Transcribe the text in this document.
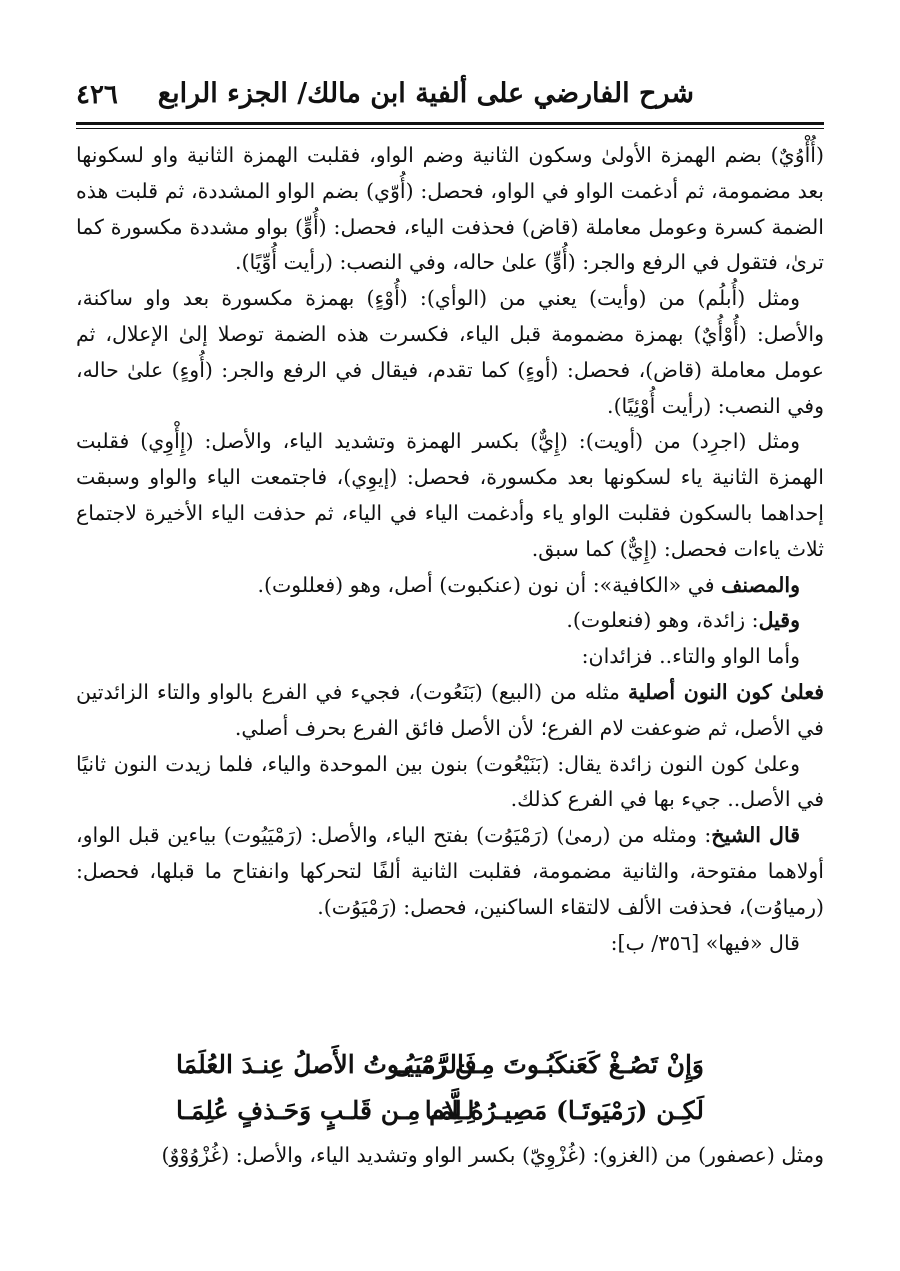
٤٢٦ شرح الفارضي على ألفية ابن مالك/ الجزء الرابع

(أُأْوُيٌ) بضم الهمزة الأولىٰ وسكون الثانية وضم الواو، فقلبت الهمزة الثانية واو لسكونها بعد مضمومة، ثم أدغمت الواو في الواو، فحصل: (أُوّي) بضم الواو المشددة، ثم قلبت هذه الضمة كسرة وعومل معاملة (قاض) فحذفت الياء، فحصل: (أُوٍّ) بواو مشددة مكسورة كما ترىٰ، فتقول في الرفع والجر: (أُوٍّ) علىٰ حاله، وفي النصب: (رأيت أُوِّيًا).

ومثل (أُبلُم) من (وأيت) يعني من (الوأي): (أُوْءٍ) بهمزة مكسورة بعد واو ساكنة، والأصل: (أُوْأُيٌ) بهمزة مضمومة قبل الياء، فكسرت هذه الضمة توصلا إلىٰ الإعلال، ثم عومل معاملة (قاض)، فحصل: (أوءٍ) كما تقدم، فيقال في الرفع والجر: (أُوءٍ) علىٰ حاله، وفي النصب: (رأيت أُوْئِيًا).

ومثل (اجرِد) من (أويت): (إِيٌّ) بكسر الهمزة وتشديد الياء، والأصل: (إِأْوِي) فقلبت الهمزة الثانية ياء لسكونها بعد مكسورة، فحصل: (إيوِي)، فاجتمعت الياء والواو وسبقت إحداهما بالسكون فقلبت الواو ياء وأدغمت الياء في الياء، ثم حذفت الياء الأخيرة لاجتماع ثلاث ياءات فحصل: (إِيٌّ) كما سبق.

والمصنف في «الكافية»: أن نون (عنكبوت) أصل، وهو (فعللوت).

وقيل: زائدة، وهو (فنعلوت).

وأما الواو والتاء.. فزائدان:

فعلىٰ كون النون أصلية مثله من (البيع) (بَنَعُوت)، فجيء في الفرع بالواو والتاء الزائدتين في الأصل، ثم ضوعفت لام الفرع؛ لأن الأصل فائق الفرع بحرف أصلي.

وعلىٰ كون النون زائدة يقال: (بَنَيْعُوت) بنون بين الموحدة والياء، فلما زيدت النون ثانيًا في الأصل.. جيء بها في الفرع كذلك.

قال الشيخ: ومثله من (رمىٰ) (رَمْيَوُت) بفتح الياء، والأصل: (رَمْيَيُوت) بياءين قبل الواو، أولاهما مفتوحة، والثانية مضمومة، فقلبت الثانية ألفًا لتحركها وانفتاح ما قبلها، فحصل: (رمياوُت)، فحذفت الألف لالتقاء الساكنين، فحصل: (رَمْيَوُت).

قال «فيها» [٣٥٦/ ب]:

وَإِنْ تَصُـغْ كَعَنكَبُـوتَ مِـن رَمَـى
فَالرَّمْيَيُـوتُ الأَصلُ عِنـدَ العُلَمَا
لَكِـن (رَمْيَوتَـا) مَصِيـرُهُ لِمَـا
لِـلَّام مِـن قَلـبٍ وَحَـذفٍ عُلِمَـا

ومثل (عصفور) من (الغزو): (غُزْوِيّ) بكسر الواو وتشديد الياء، والأصل: (غُزْوُوْوٌ)
